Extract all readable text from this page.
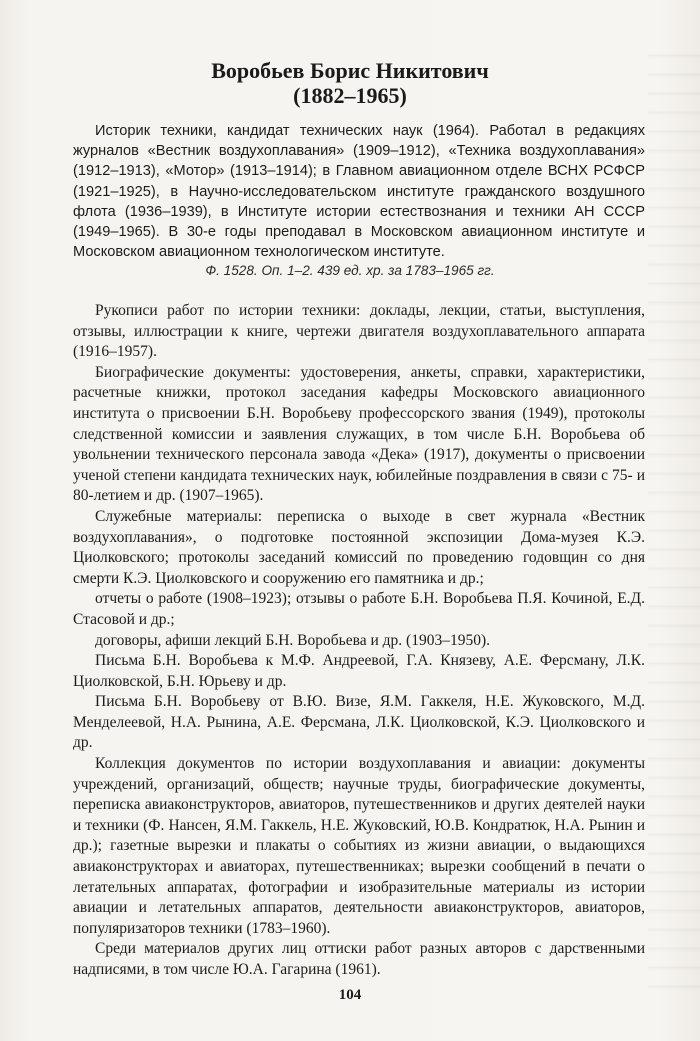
Воробьев Борис Никитович
(1882–1965)

Историк техники, кандидат технических наук (1964). Работал в редакциях журналов «Вестник воздухоплавания» (1909–1912), «Техника воздухоплавания» (1912–1913), «Мотор» (1913–1914); в Главном авиационном отделе ВСНХ РСФСР (1921–1925), в Научно-исследовательском институте гражданского воздушного флота (1936–1939), в Институте истории естествознания и техники АН СССР (1949–1965). В 30-е годы преподавал в Московском авиационном институте и Московском авиационном технологическом институте.

Ф. 1528. Оп. 1–2. 439 ед. хр. за 1783–1965 гг.

Рукописи работ по истории техники: доклады, лекции, статьи, выступления, отзывы, иллюстрации к книге, чертежи двигателя воздухоплавательного аппарата (1916–1957).

Биографические документы: удостоверения, анкеты, справки, характеристики, расчетные книжки, протокол заседания кафедры Московского авиационного института о присвоении Б.Н. Воробьеву профессорского звания (1949), протоколы следственной комиссии и заявления служащих, в том числе Б.Н. Воробьева об увольнении технического персонала завода «Дека» (1917), документы о присвоении ученой степени кандидата технических наук, юбилейные поздравления в связи с 75- и 80-летием и др. (1907–1965).

Служебные материалы: переписка о выходе в свет журнала «Вестник воздухоплавания», о подготовке постоянной экспозиции Дома-музея К.Э. Циолковского; протоколы заседаний комиссий по проведению годовщин со дня смерти К.Э. Циолковского и сооружению его памятника и др.;

отчеты о работе (1908–1923); отзывы о работе Б.Н. Воробьева П.Я. Кочиной, Е.Д. Стасовой и др.;

договоры, афиши лекций Б.Н. Воробьева и др. (1903–1950).

Письма Б.Н. Воробьева к М.Ф. Андреевой, Г.А. Князеву, А.Е. Ферсману, Л.К. Циолковской, Б.Н. Юрьеву и др.

Письма Б.Н. Воробьеву от В.Ю. Визе, Я.М. Гаккеля, Н.Е. Жуковского, М.Д. Менделеевой, Н.А. Рынина, А.Е. Ферсмана, Л.К. Циолковской, К.Э. Циолковского и др.

Коллекция документов по истории воздухоплавания и авиации: документы учреждений, организаций, обществ; научные труды, биографические документы, переписка авиаконструкторов, авиаторов, путешественников и других деятелей науки и техники (Ф. Нансен, Я.М. Гаккель, Н.Е. Жуковский, Ю.В. Кондратюк, Н.А. Рынин и др.); газетные вырезки и плакаты о событиях из жизни авиации, о выдающихся авиаконструкторах и авиаторах, путешественниках; вырезки сообщений в печати о летательных аппаратах, фотографии и изобразительные материалы из истории авиации и летательных аппаратов, деятельности авиаконструкторов, авиаторов, популяризаторов техники (1783–1960).

Среди материалов других лиц оттиски работ разных авторов с дарственными надписями, в том числе Ю.А. Гагарина (1961).

104
